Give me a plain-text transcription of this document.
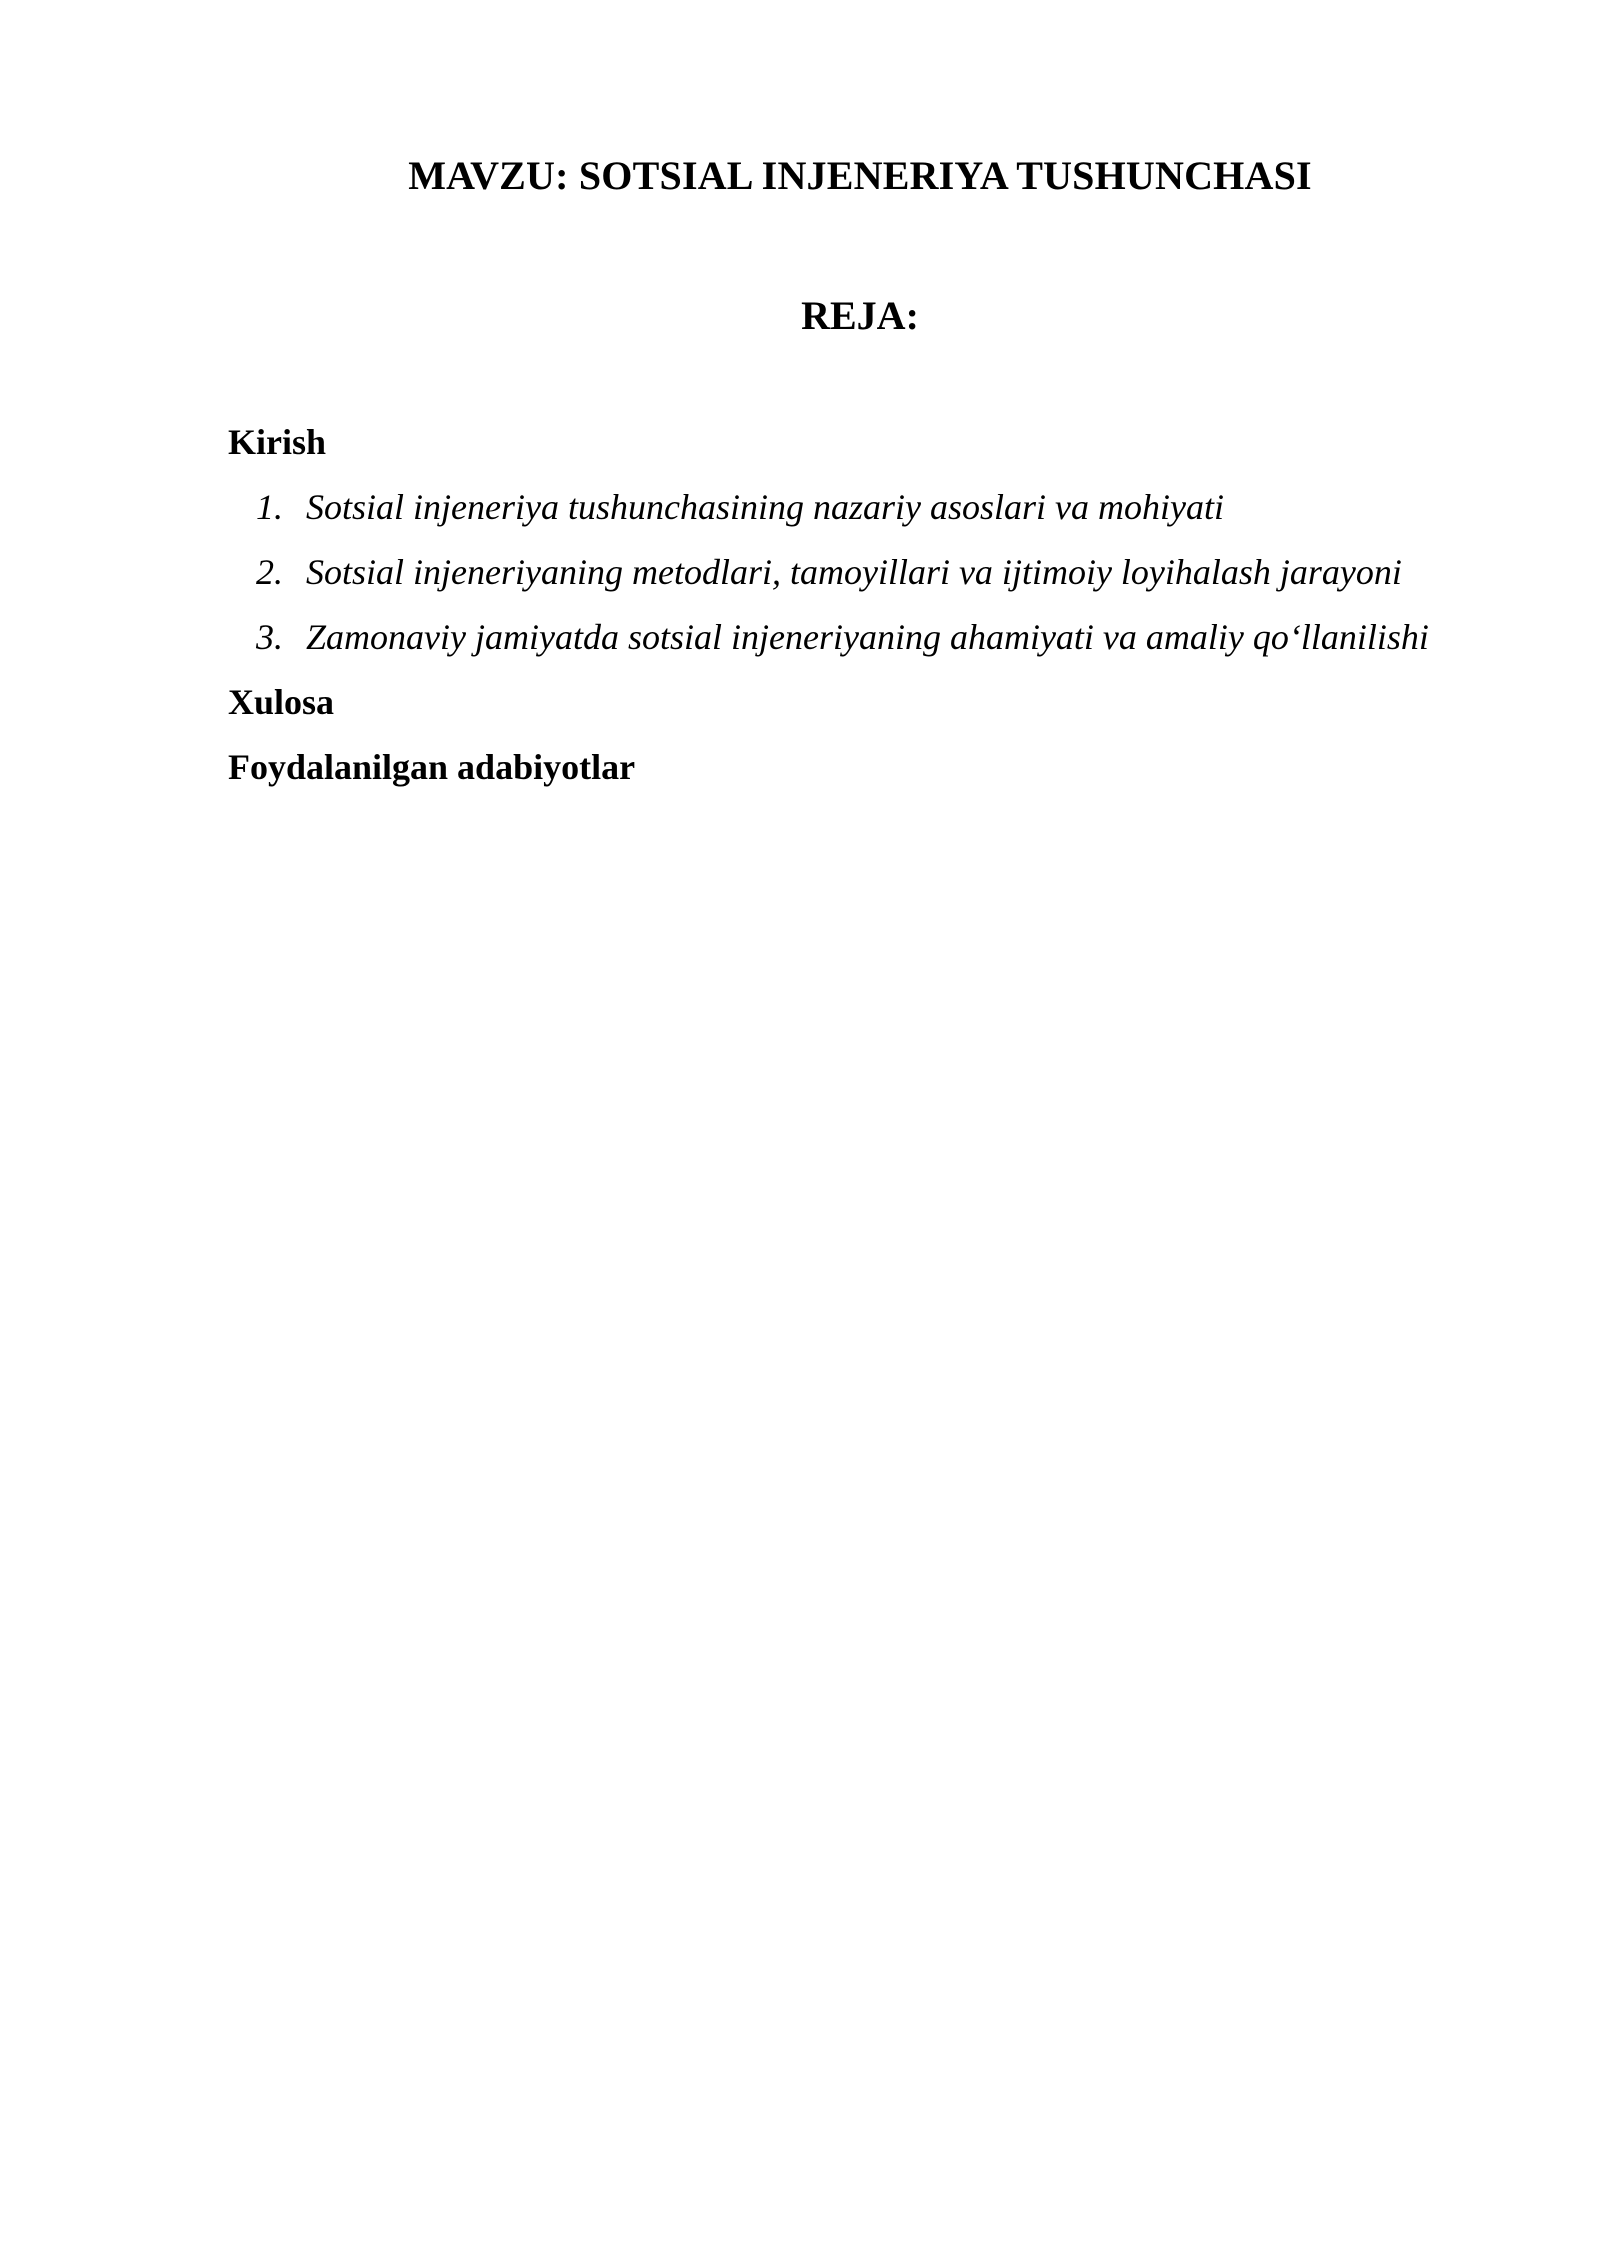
MAVZU: SOTSIAL INJENERIYA TUSHUNCHASI
REJA:

Kirish

1. Sotsial injeneriya tushunchasining nazariy asoslari va mohiyati
2. Sotsial injeneriyaning metodlari, tamoyillari va ijtimoiy loyihalash jarayoni
3. Zamonaviy jamiyatda sotsial injeneriyaning ahamiyati va amaliy qo‘llanilishi

Xulosa

Foydalanilgan adabiyotlar
